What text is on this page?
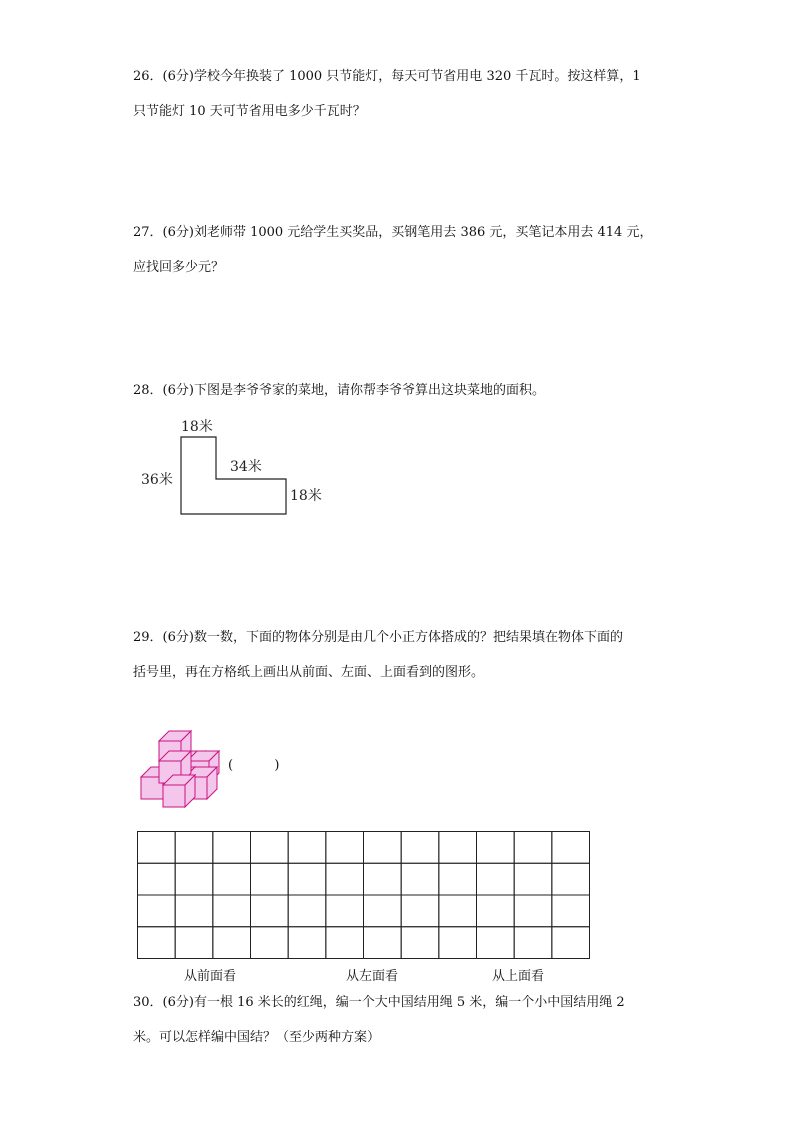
26．(6分)学校今年换装了 1000 只节能灯，每天可节省用电 320 千瓦时。按这样算，1
只节能灯 10 天可节省用电多少千瓦时？
27．(6分)刘老师带 1000 元给学生买奖品，买钢笔用去 386 元，买笔记本用去 414 元，
应找回多少元？
28．(6分)下图是李爷爷家的菜地，请你帮李爷爷算出这块菜地的面积。
18米
36米
34米
18米
29．(6分)数一数，下面的物体分别是由几个小正方体搭成的？把结果填在物体下面的
括号里，再在方格纸上画出从前面、左面、上面看到的图形。
(          )
从前面看	从左面看	从上面看
30．(6分)有一根 16 米长的红绳，编一个大中国结用绳 5 米，编一个小中国结用绳 2
米。可以怎样编中国结？（至少两种方案）
